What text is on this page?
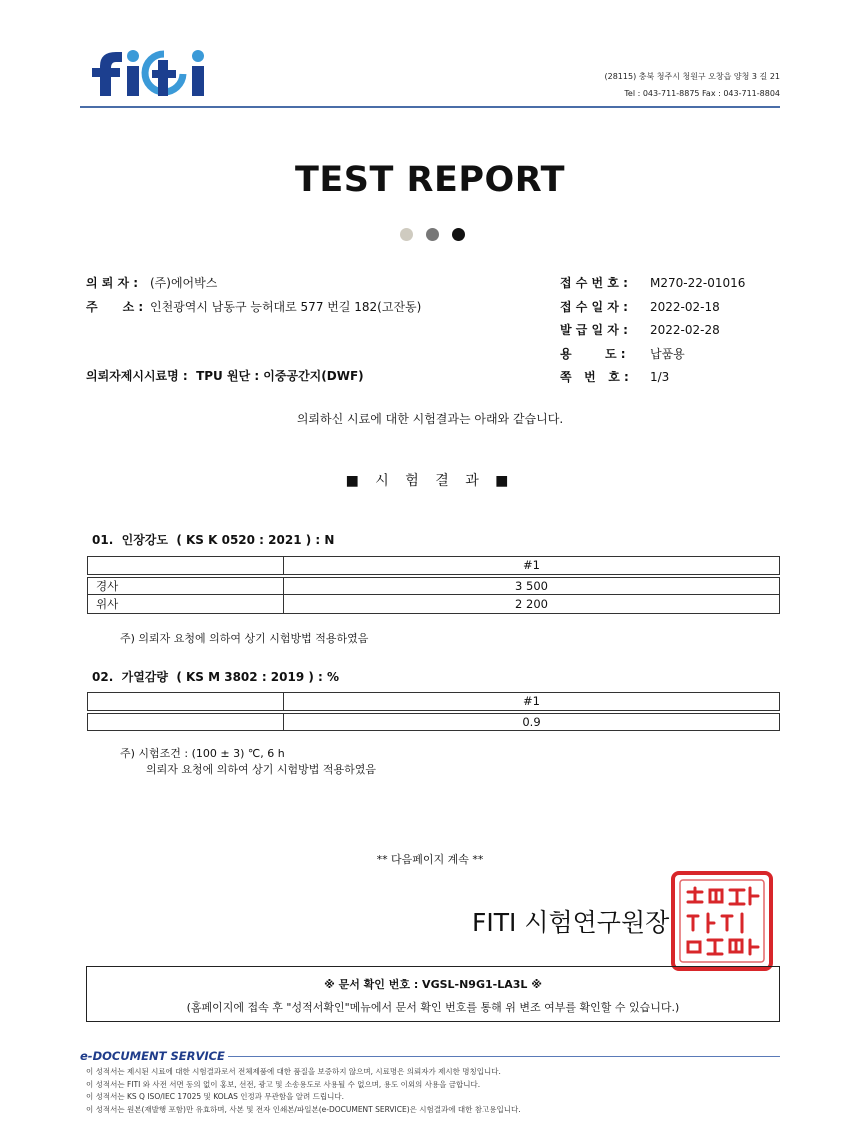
fiti
(28115) 충북 청주시 청원구 오창읍 양청 3 길 21
Tel : 043-711-8875 Fax : 043-711-8804
TEST REPORT
의 뢰 자 : (주)에어박스
주      소 : 인천광역시 남동구 능허대로 577 번길 182(고잔동)
접 수 번 호 :	M270-22-01016
접 수 일 자 :	2022-02-18
발 급 일 자 :	2022-02-28
용        도 :	납품용
쪽   번   호 :	1/3
의뢰자제시시료명 :  TPU 원단 : 이중공간지(DWF)
의뢰하신 시료에 대한 시험결과는 아래와 같습니다.
■ 시 험 결 과 ■
01.  인장강도  ( KS K 0520 : 2021 ) : N
	#1
경사	3 500
위사	2 200
주) 의뢰자 요청에 의하여 상기 시험방법 적용하였음
02.  가열감량  ( KS M 3802 : 2019 ) : %
	#1
	0.9
주) 시험조건 : (100 ± 3) ℃, 6 h
의뢰자 요청에 의하여 상기 시험방법 적용하였음
** 다음페이지 계속 **
FITI 시험연구원장
※ 문서 확인 번호 : VGSL-N9G1-LA3L ※
(홈페이지에 접속 후 "성적서확인"메뉴에서 문서 확인 번호를 통해 위 변조 여부를 확인할 수 있습니다.)
e-DOCUMENT SERVICE
이 성적서는 제시된 시료에 대한 시험결과로서 전체제품에 대한 품질을 보증하지 않으며, 시료명은 의뢰자가 제시한 명칭입니다.
이 성적서는 FITI 와 사전 서면 동의 없이 홍보, 선전, 광고 및 소송용도로 사용될 수 없으며, 용도 이외의 사용을 금합니다.
이 성적서는 KS Q ISO/IEC 17025 및 KOLAS 인정과 무관함을 알려 드립니다.
이 성적서는 원본(재발행 포함)만 유효하며, 사본 및 전자 인쇄본/파일본(e-DOCUMENT SERVICE)은 시험결과에 대한 참고용입니다.
